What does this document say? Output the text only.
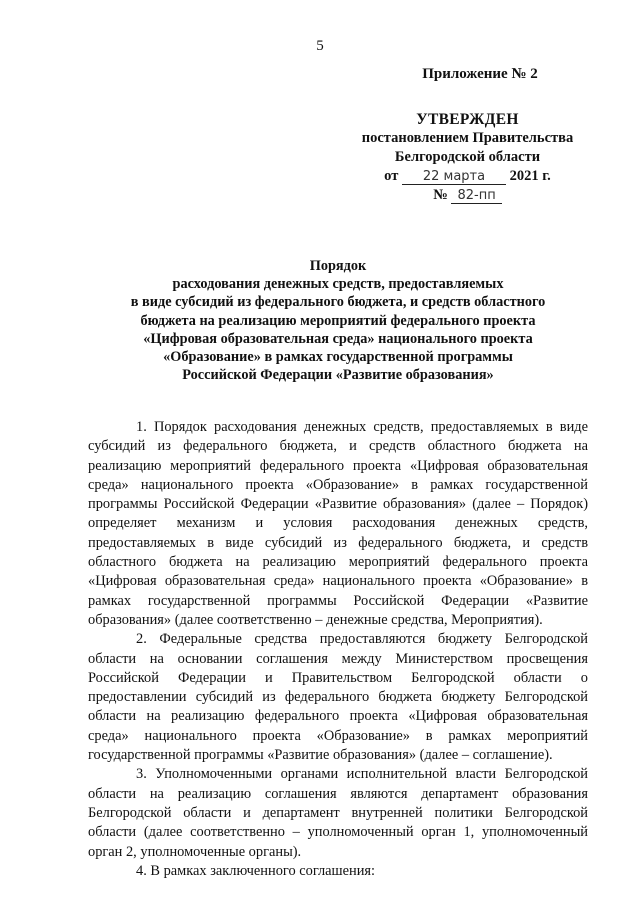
5
Приложение № 2
УТВЕРЖДЕН
постановлением Правительства
Белгородской области
от 22 марта 2021 г.
№ 82-пп
Порядок
расходования денежных средств, предоставляемых
в виде субсидий из федерального бюджета, и средств областного
бюджета на реализацию мероприятий федерального проекта
«Цифровая образовательная среда» национального проекта
«Образование» в рамках государственной программы
Российской Федерации «Развитие образования»

1. Порядок расходования денежных средств, предоставляемых в виде субсидий из федерального бюджета, и средств областного бюджета на реализацию мероприятий федерального проекта «Цифровая образовательная среда» национального проекта «Образование» в рамках государственной программы Российской Федерации «Развитие образования» (далее – Порядок) определяет механизм и условия расходования денежных средств, предоставляемых в виде субсидий из федерального бюджета, и средств областного бюджета на реализацию мероприятий федерального проекта «Цифровая образовательная среда» национального проекта «Образование» в рамках государственной программы Российской Федерации «Развитие образования» (далее соответственно – денежные средства, Мероприятия).

2. Федеральные средства предоставляются бюджету Белгородской области на основании соглашения между Министерством просвещения Российской Федерации и Правительством Белгородской области о предоставлении субсидий из федерального бюджета бюджету Белгородской области на реализацию федерального проекта «Цифровая образовательная среда» национального проекта «Образование» в рамках мероприятий государственной программы «Развитие образования» (далее – соглашение).

3. Уполномоченными органами исполнительной власти Белгородской области на реализацию соглашения являются департамент образования Белгородской области и департамент внутренней политики Белгородской области (далее соответственно – уполномоченный орган 1, уполномоченный орган 2, уполномоченные органы).

4. В рамках заключенного соглашения:
